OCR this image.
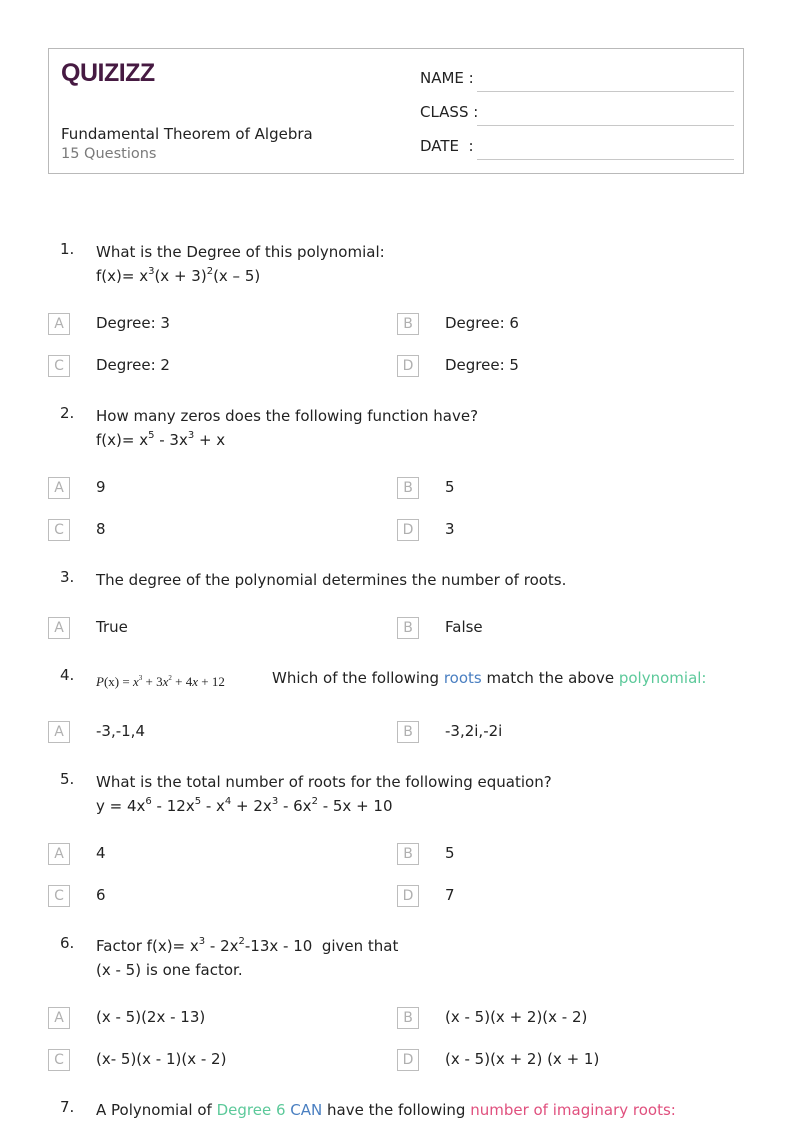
QUIZIZZ
Fundamental Theorem of Algebra
15 Questions
NAME :
CLASS :
DATE  :
1. What is the Degree of this polynomial:
$f(x)= x^3(x + 3)^2(x - 5)$
A	Degree: 3	B	Degree: 6
C	Degree: 2	D	Degree: 5
2. How many zeros does the following function have?
$f(x)= x^5 - 3x^3 + x$
A	9	B	5
C	8	D	3
3. The degree of the polynomial determines the number of roots.
A	True	B	False
4. $P(x) = x^3 + 3x^2 + 4x + 12$	Which of the following roots match the above polynomial:
A	-3,-1,4	B	-3,2i,-2i
5. What is the total number of roots for the following equation?
$y = 4x^6 - 12x^5 - x^4 + 2x^3 - 6x^2 - 5x + 10$
A	4	B	5
C	6	D	7
6. Factor $f(x)= x^3 - 2x^2-13x - 10$  given that
(x - 5) is one factor.
A	(x - 5)(2x - 13)	B	(x - 5)(x + 2)(x - 2)
C	(x- 5)(x - 1)(x - 2)	D	(x - 5)(x + 2) (x + 1)
7. A Polynomial of Degree 6 CAN have the following number of imaginary roots:
